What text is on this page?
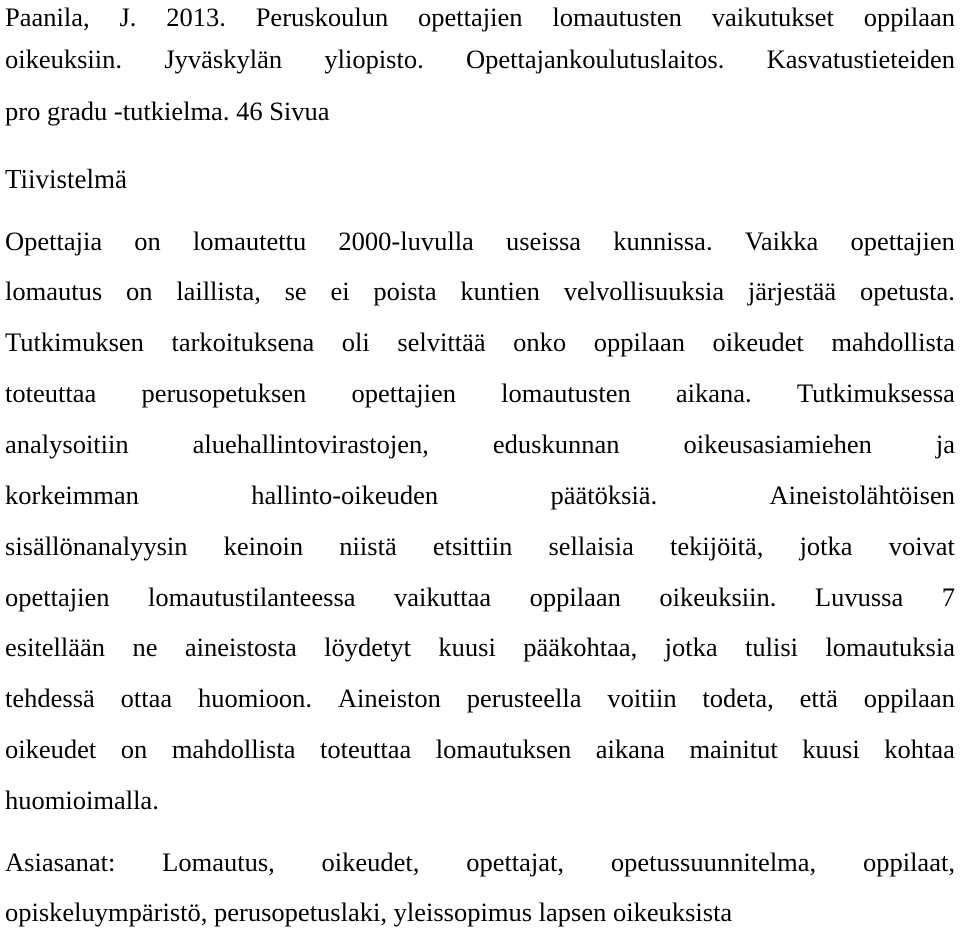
Paanila, J. 2013. Peruskoulun opettajien lomautusten vaikutukset oppilaan
oikeuksiin. Jyväskylän yliopisto. Opettajankoulutuslaitos. Kasvatustieteiden
pro gradu -tutkielma. 46 Sivua
Tiivistelmä
Opettajia on lomautettu 2000-luvulla useissa kunnissa. Vaikka opettajien
lomautus on laillista, se ei poista kuntien velvollisuuksia järjestää opetusta.
Tutkimuksen tarkoituksena oli selvittää onko oppilaan oikeudet mahdollista
toteuttaa perusopetuksen opettajien lomautusten aikana. Tutkimuksessa
analysoitiin aluehallintovirastojen, eduskunnan oikeusasiamiehen ja
korkeimman	hallinto-oikeuden	päätöksiä.	Aineistolähtöisen
sisällönanalyysin keinoin niistä etsittiin sellaisia tekijöitä, jotka voivat
opettajien lomautustilanteessa vaikuttaa oppilaan oikeuksiin. Luvussa 7
esitellään ne aineistosta löydetyt kuusi pääkohtaa, jotka tulisi lomautuksia
tehdessä ottaa huomioon. Aineiston perusteella voitiin todeta, että oppilaan
oikeudet on mahdollista toteuttaa lomautuksen aikana mainitut kuusi kohtaa
huomioimalla.
Asiasanat: Lomautus, oikeudet, opettajat, opetussuunnitelma, oppilaat,
opiskeluympäristö, perusopetuslaki, yleissopimus lapsen oikeuksista
